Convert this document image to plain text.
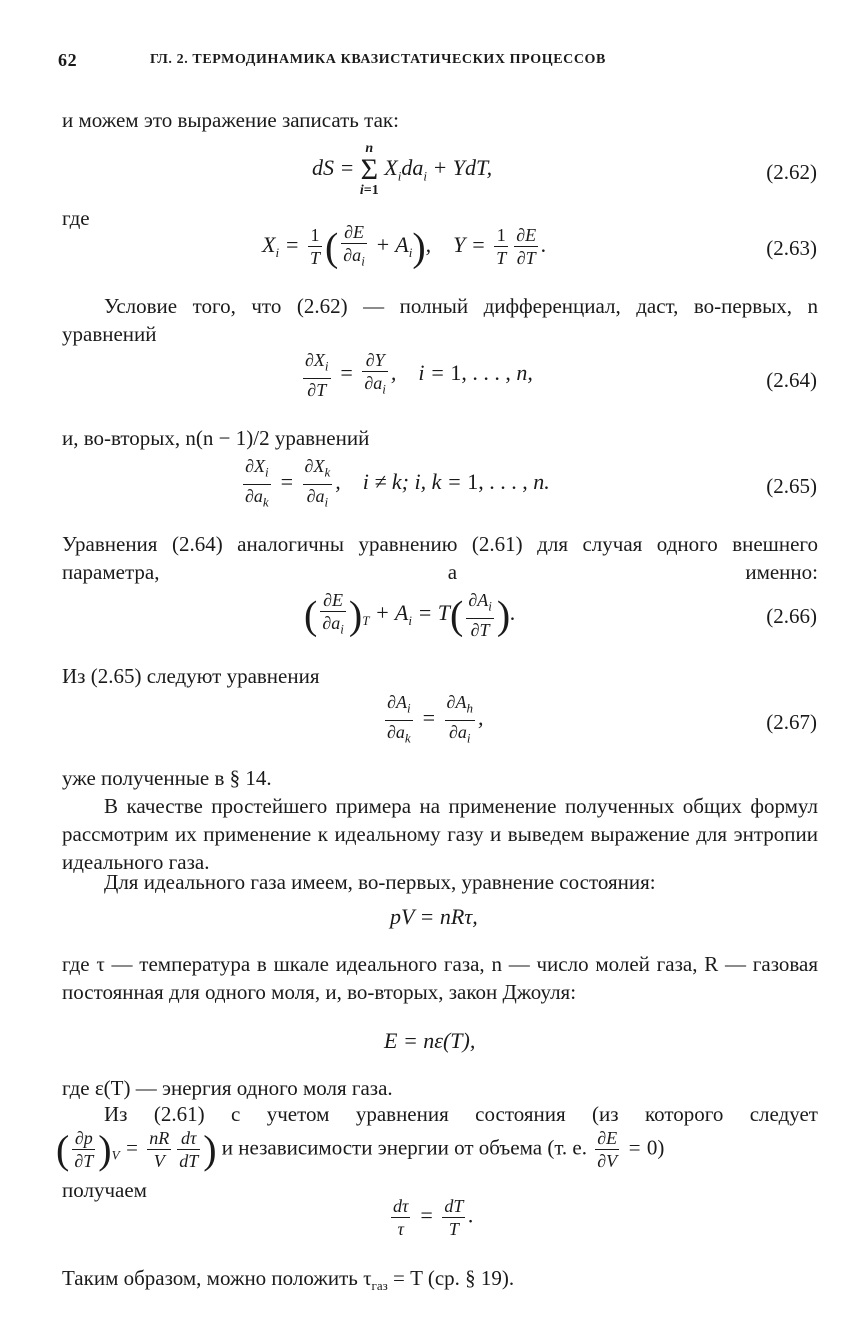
62	ГЛ. 2. ТЕРМОДИНАМИКА КВАЗИСТАТИЧЕСКИХ ПРОЦЕССОВ

и можем это выражение записать так:

dS =
n
Σ
i=1
$X_ida_i$ + YdT,	(2.62)

где

$X_i = \frac{1}{T}$ ( $\frac{\partial E}{\partial a_i} + A_i$),    $Y = \frac{1}{T} \frac{\partial E}{\partial T}$ .	(2.63)

Условие того, что (2.62) — полный дифференциал, даст, во-первых, n уравнений

$\frac{\partial X_i}{\partial T} = \frac{\partial Y}{\partial a_i}$ ,    i = 1, . . . , n,	(2.64)

и, во-вторых, n(n − 1)/2 уравнений

$\frac{\partial X_i}{\partial a_k} = \frac{\partial X_k}{\partial a_i}$ ,    i ≠ k; i, k = 1, . . . , n.	(2.65)

Уравнения (2.64) аналогичны уравнению (2.61) для случая одного внешнего параметра, а именно:

( $\frac{\partial E}{\partial a_i} )_T + A_i = T( \frac{\partial A_i}{\partial T}$ ).	(2.66)

Из (2.65) следуют уравнения

$\frac{\partial A_i}{\partial a_k} = \frac{\partial A_h}{\partial a_i}$ ,	(2.67)

уже полученные в § 14.

В качестве простейшего примера на применение полученных общих формул рассмотрим их применение к идеальному газу и выведем выражение для энтропии идеального газа.

Для идеального газа имеем, во-первых, уравнение состояния:

pV = nRτ,

где τ — температура в шкале идеального газа, n — число молей газа, R — газовая постоянная для одного моля, и, во-вторых, закон Джоуля:

E = nε(T),

где ε(T) — энергия одного моля газа.

Из (2.61) с учетом уравнения состояния (из которого следует

( $\frac{\partial p}{\partial T} )_V = \frac{nR}{V} \frac{d\tau}{dT}$ ) и независимости энергии от объема (т. е. $\frac{\partial E}{\partial V} = 0$)

получаем

$\frac{d\tau}{\tau} = \frac{dT}{T}$ .

Таким образом, можно положить $\tau_{газ} = T$ (ср. § 19).
